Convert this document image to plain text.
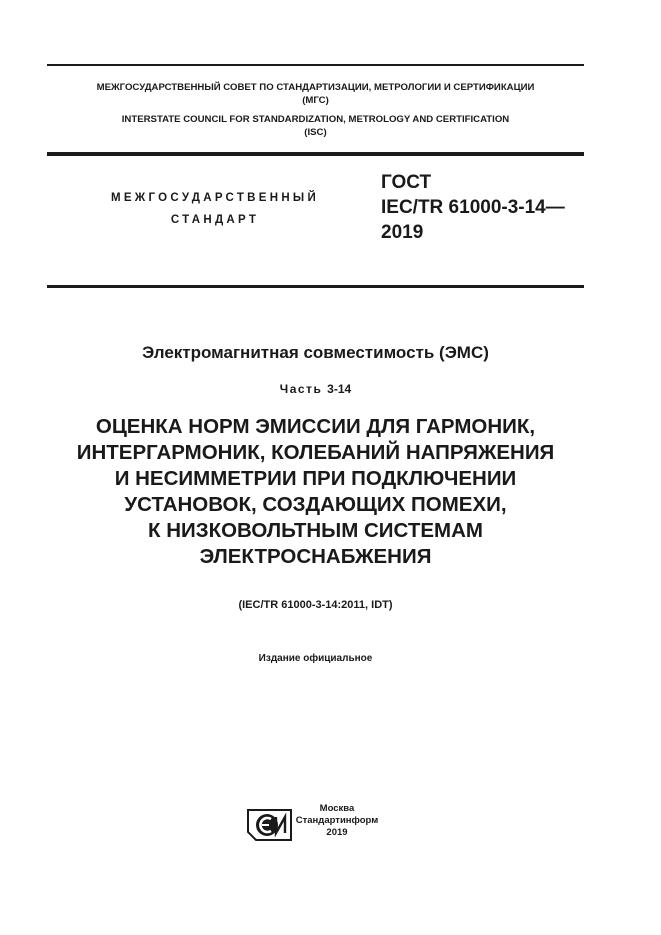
МЕЖГОСУДАРСТВЕННЫЙ СОВЕТ ПО СТАНДАРТИЗАЦИИ, МЕТРОЛОГИИ И СЕРТИФИКАЦИИ
(МГС)
INTERSTATE COUNCIL FOR STANDARDIZATION, METROLOGY AND CERTIFICATION
(ISC)
МЕЖГОСУДАРСТВЕННЫЙ
СТАНДАРТ
ГОСТ
IEC/TR 61000-3-14—
2019
Электромагнитная совместимость (ЭМС)
Часть 3-14
ОЦЕНКА НОРМ ЭМИССИИ ДЛЯ ГАРМОНИК,
ИНТЕРГАРМОНИК, КОЛЕБАНИЙ НАПРЯЖЕНИЯ
И НЕСИММЕТРИИ ПРИ ПОДКЛЮЧЕНИИ
УСТАНОВОК, СОЗДАЮЩИХ ПОМЕХИ,
К НИЗКОВОЛЬТНЫМ СИСТЕМАМ
ЭЛЕКТРОСНАБЖЕНИЯ
(IEC/TR 61000-3-14:2011, IDT)
Издание официальное
Москва
Стандартинформ
2019
